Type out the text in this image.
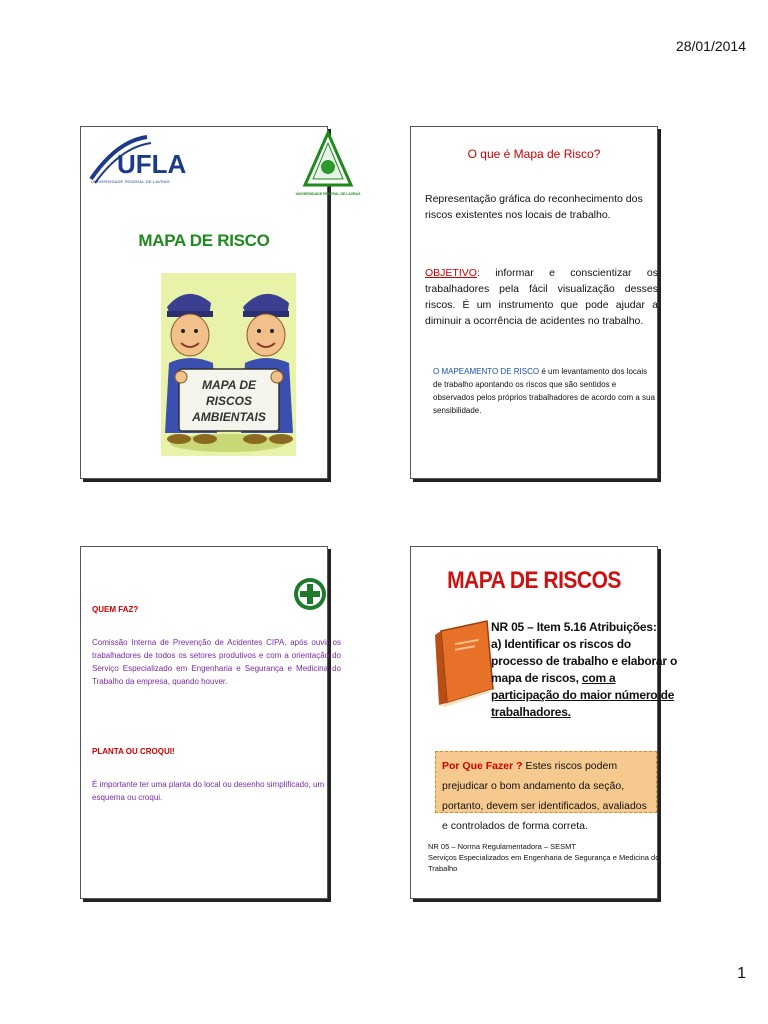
28/01/2014
UFLA
UNIVERSIDADE FEDERAL DE LAVRAS
UNIVERSIDADE FEDERAL DE LAVRAS
MAPA DE RISCO
MAPA DE
RISCOS
AMBIENTAIS
O que é Mapa de Risco?
Representação gráfica do reconhecimento dos riscos existentes nos locais de trabalho.
OBJETIVO: informar e conscientizar os trabalhadores pela fácil visualização desses riscos. É um instrumento que pode ajudar a diminuir a ocorrência de acidentes no trabalho.
O MAPEAMENTO DE RISCO é um levantamento dos locais de trabalho apontando os riscos que são sentidos e observados pelos próprios trabalhadores de acordo com a sua sensibilidade.
QUEM FAZ?
Comissão Interna de Prevenção de Acidentes CIPA, após ouvir os trabalhadores de todos os setores produtivos e com a orientação do Serviço Especializado em Engenharia e Segurança e Medicina do Trabalho da empresa, quando houver.
PLANTA OU CROQUI!
É importante ter uma planta do local ou desenho simplificado, um esquema ou croqui.
MAPA DE RISCOS
NR 05 – Item 5.16 Atribuições:
a) Identificar os riscos do processo de trabalho e elaborar o mapa de riscos, com a participação do maior número de trabalhadores.
Por Que Fazer ? Estes riscos podem prejudicar o bom andamento da seção, portanto, devem ser identificados, avaliados e controlados de forma correta.
NR 05 – Norma Regulamentadora – SESMT
Serviços Especializados em Engenharia de Segurança e Medicina do Trabalho
1
